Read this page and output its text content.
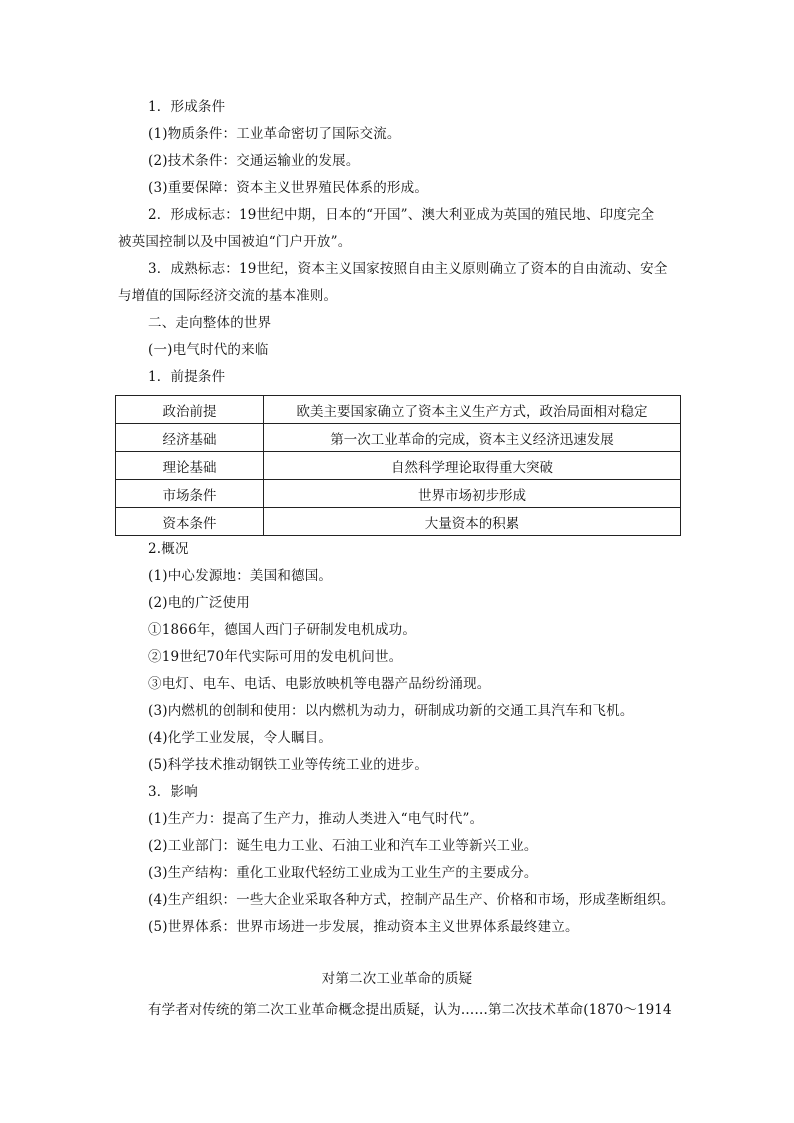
1．形成条件
(1)物质条件：工业革命密切了国际交流。
(2)技术条件：交通运输业的发展。
(3)重要保障：资本主义世界殖民体系的形成。
2．形成标志：19世纪中期，日本的“开国”、澳大利亚成为英国的殖民地、印度完全
被英国控制以及中国被迫“门户开放”。
3．成熟标志：19世纪，资本主义国家按照自由主义原则确立了资本的自由流动、安全
与增值的国际经济交流的基本准则。
二、走向整体的世界
(一)电气时代的来临
1．前提条件
政治前提	欧美主要国家确立了资本主义生产方式，政治局面相对稳定
经济基础	第一次工业革命的完成，资本主义经济迅速发展
理论基础	自然科学理论取得重大突破
市场条件	世界市场初步形成
资本条件	大量资本的积累
2.概况
(1)中心发源地：美国和德国。
(2)电的广泛使用
①1866年，德国人西门子研制发电机成功。
②19世纪70年代实际可用的发电机问世。
③电灯、电车、电话、电影放映机等电器产品纷纷涌现。
(3)内燃机的创制和使用：以内燃机为动力，研制成功新的交通工具汽车和飞机。
(4)化学工业发展，令人瞩目。
(5)科学技术推动钢铁工业等传统工业的进步。
3．影响
(1)生产力：提高了生产力，推动人类进入“电气时代”。
(2)工业部门：诞生电力工业、石油工业和汽车工业等新兴工业。
(3)生产结构：重化工业取代轻纺工业成为工业生产的主要成分。
(4)生产组织：一些大企业采取各种方式，控制产品生产、价格和市场，形成垄断组织。
(5)世界体系：世界市场进一步发展，推动资本主义世界体系最终建立。
对第二次工业革命的质疑
有学者对传统的第二次工业革命概念提出质疑，认为……第二次技术革命(1870～1914
